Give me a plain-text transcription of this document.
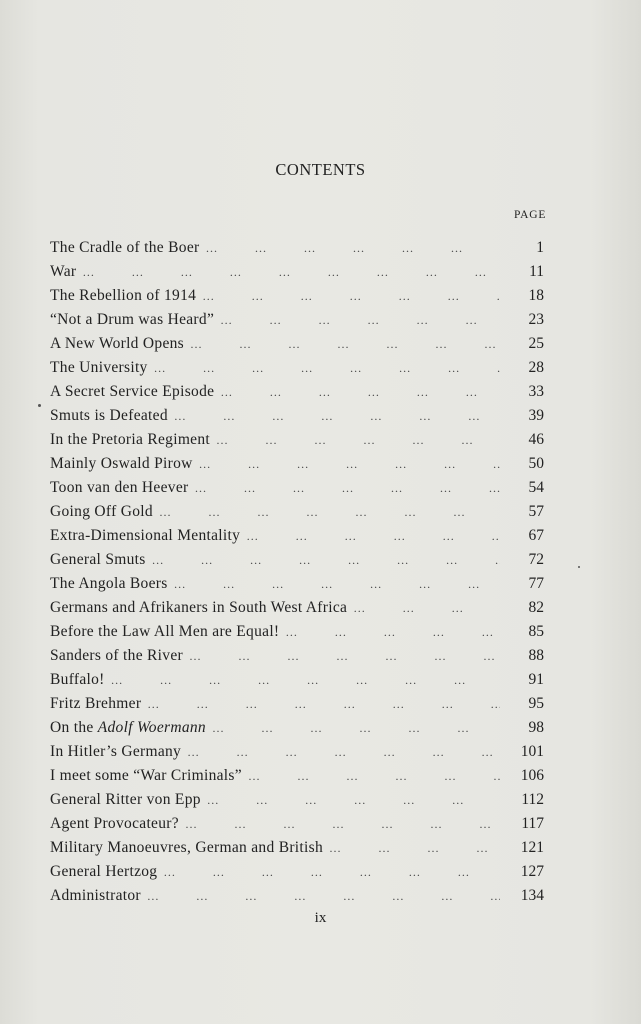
CONTENTS
PAGE
The Cradle of the Boer … … … … … … … … … … … … … … … … … … … … … … …	1
War … … … … … … … … … … … … … … … … … … … … … … …	11
The Rebellion of 1914 … … … … … … … … … … … … … … … … … … … … … … …	18
“Not a Drum was Heard” … … … … … … … … … … … … … … … … … … … … … … …	23
A New World Opens … … … … … … … … … … … … … … … … … … … … … … …	25
The University … … … … … … … … … … … … … … … … … … … … … … …	28
A Secret Service Episode … … … … … … … … … … … … … … … … … … … … … … …	33
Smuts is Defeated … … … … … … … … … … … … … … … … … … … … … … …	39
In the Pretoria Regiment … … … … … … … … … … … … … … … … … … … … … … …	46
Mainly Oswald Pirow … … … … … … … … … … … … … … … … … … … … … … …	50
Toon van den Heever … … … … … … … … … … … … … … … … … … … … … … …	54
Going Off Gold … … … … … … … … … … … … … … … … … … … … … … …	57
Extra-Dimensional Mentality … … … … … … … … … … … … … … … … … … … … … … …	67
General Smuts … … … … … … … … … … … … … … … … … … … … … … …	72
The Angola Boers … … … … … … … … … … … … … … … … … … … … … … …	77
Germans and Afrikaners in South West Africa … … … … … … … … … … … … … … … … … … … … … … …	82
Before the Law All Men are Equal! … … … … … … … … … … … … … … … … … … … … … … …	85
Sanders of the River … … … … … … … … … … … … … … … … … … … … … … …	88
Buffalo! … … … … … … … … … … … … … … … … … … … … … … …	91
Fritz Brehmer … … … … … … … … … … … … … … … … … … … … … … …	95
On the Adolf Woermann … … … … … … … … … … … … … … … … … … … … … … …	98
In Hitler’s Germany … … … … … … … … … … … … … … … … … … … … … … …	101
I meet some “War Criminals” … … … … … … … … … … … … … … … … … … … … … … …	106
General Ritter von Epp … … … … … … … … … … … … … … … … … … … … … … …	112
Agent Provocateur? … … … … … … … … … … … … … … … … … … … … … … …	117
Military Manoeuvres, German and British … … … … … … … … … … … … … … … … … … … … … … …	121
General Hertzog … … … … … … … … … … … … … … … … … … … … … … …	127
Administrator … … … … … … … … … … … … … … … … … … … … … … …	134
ix
